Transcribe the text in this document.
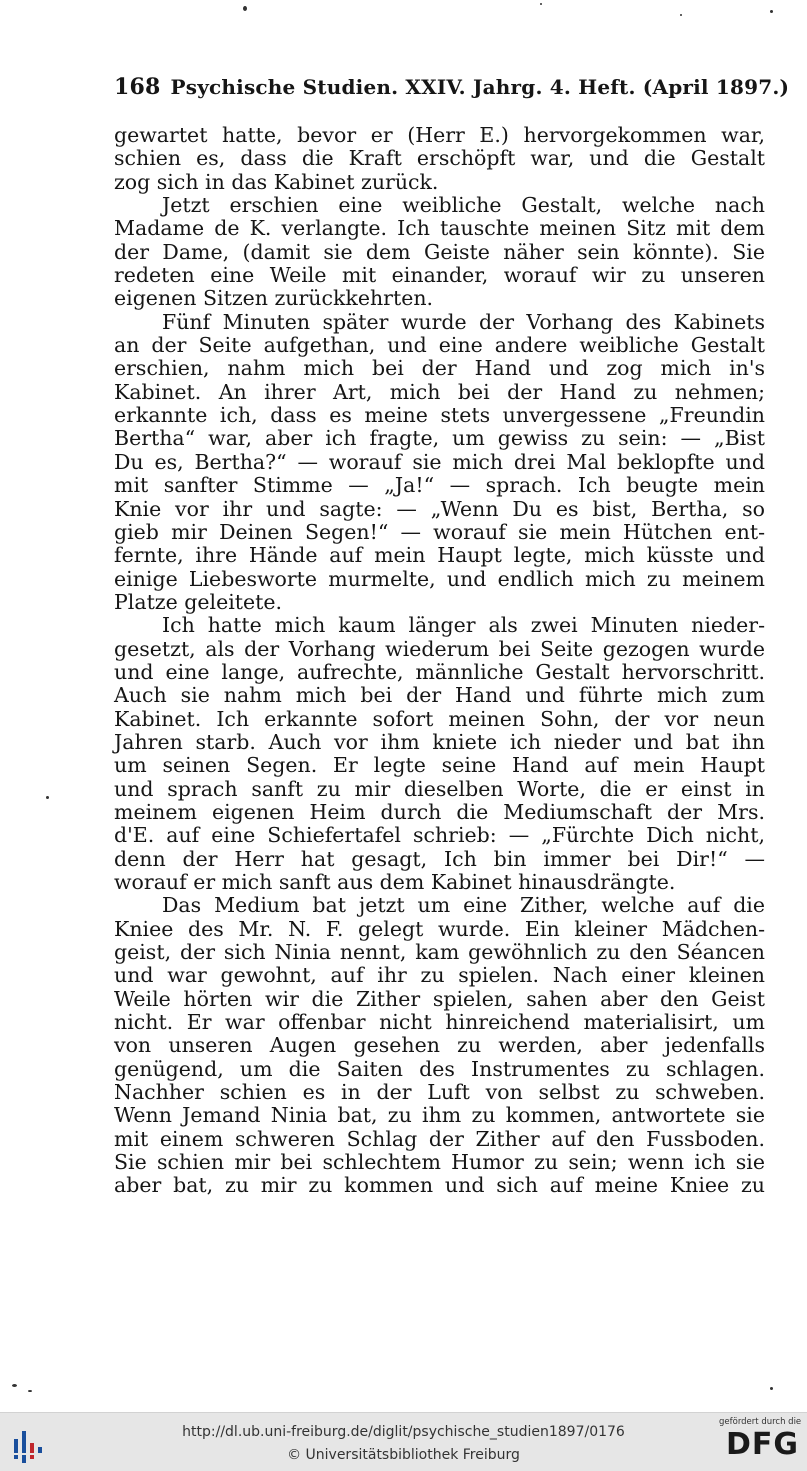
168 Psychische Studien. XXIV. Jahrg. 4. Heft. (April 1897.)

gewartet hatte, bevor er (Herr E.) hervorgekommen war,
schien es, dass die Kraft erschöpft war, und die Gestalt
zog sich in das Kabinet zurück.

Jetzt erschien eine weibliche Gestalt, welche nach
Madame de K. verlangte. Ich tauschte meinen Sitz mit dem
der Dame, (damit sie dem Geiste näher sein könnte). Sie
redeten eine Weile mit einander, worauf wir zu unseren
eigenen Sitzen zurückkehrten.

Fünf Minuten später wurde der Vorhang des Kabinets
an der Seite aufgethan, und eine andere weibliche Gestalt
erschien, nahm mich bei der Hand und zog mich in's
Kabinet. An ihrer Art, mich bei der Hand zu nehmen;
erkannte ich, dass es meine stets unvergessene „Freundin
Bertha“ war, aber ich fragte, um gewiss zu sein: — „Bist
Du es, Bertha?“ — worauf sie mich drei Mal beklopfte und
mit sanfter Stimme — „Ja!“ — sprach. Ich beugte mein
Knie vor ihr und sagte: — „Wenn Du es bist, Bertha, so
gieb mir Deinen Segen!“ — worauf sie mein Hütchen ent-
fernte, ihre Hände auf mein Haupt legte, mich küsste und
einige Liebesworte murmelte, und endlich mich zu meinem
Platze geleitete.

Ich hatte mich kaum länger als zwei Minuten nieder-
gesetzt, als der Vorhang wiederum bei Seite gezogen wurde
und eine lange, aufrechte, männliche Gestalt hervorschritt.
Auch sie nahm mich bei der Hand und führte mich zum
Kabinet. Ich erkannte sofort meinen Sohn, der vor neun
Jahren starb. Auch vor ihm kniete ich nieder und bat ihn
um seinen Segen. Er legte seine Hand auf mein Haupt
und sprach sanft zu mir dieselben Worte, die er einst in
meinem eigenen Heim durch die Mediumschaft der Mrs.
d'E. auf eine Schiefertafel schrieb: — „Fürchte Dich nicht,
denn der Herr hat gesagt, Ich bin immer bei Dir!“ —
worauf er mich sanft aus dem Kabinet hinausdrängte.

Das Medium bat jetzt um eine Zither, welche auf die
Kniee des Mr. N. F. gelegt wurde. Ein kleiner Mädchen-
geist, der sich Ninia nennt, kam gewöhnlich zu den Séancen
und war gewohnt, auf ihr zu spielen. Nach einer kleinen
Weile hörten wir die Zither spielen, sahen aber den Geist
nicht. Er war offenbar nicht hinreichend materialisirt, um
von unseren Augen gesehen zu werden, aber jedenfalls
genügend, um die Saiten des Instrumentes zu schlagen.
Nachher schien es in der Luft von selbst zu schweben.
Wenn Jemand Ninia bat, zu ihm zu kommen, antwortete sie
mit einem schweren Schlag der Zither auf den Fussboden.
Sie schien mir bei schlechtem Humor zu sein; wenn ich sie
aber bat, zu mir zu kommen und sich auf meine Kniee zu

http://dl.ub.uni-freiburg.de/diglit/psychische_studien1897/0176
© Universitätsbibliothek Freiburg
gefördert durch die
DFG
